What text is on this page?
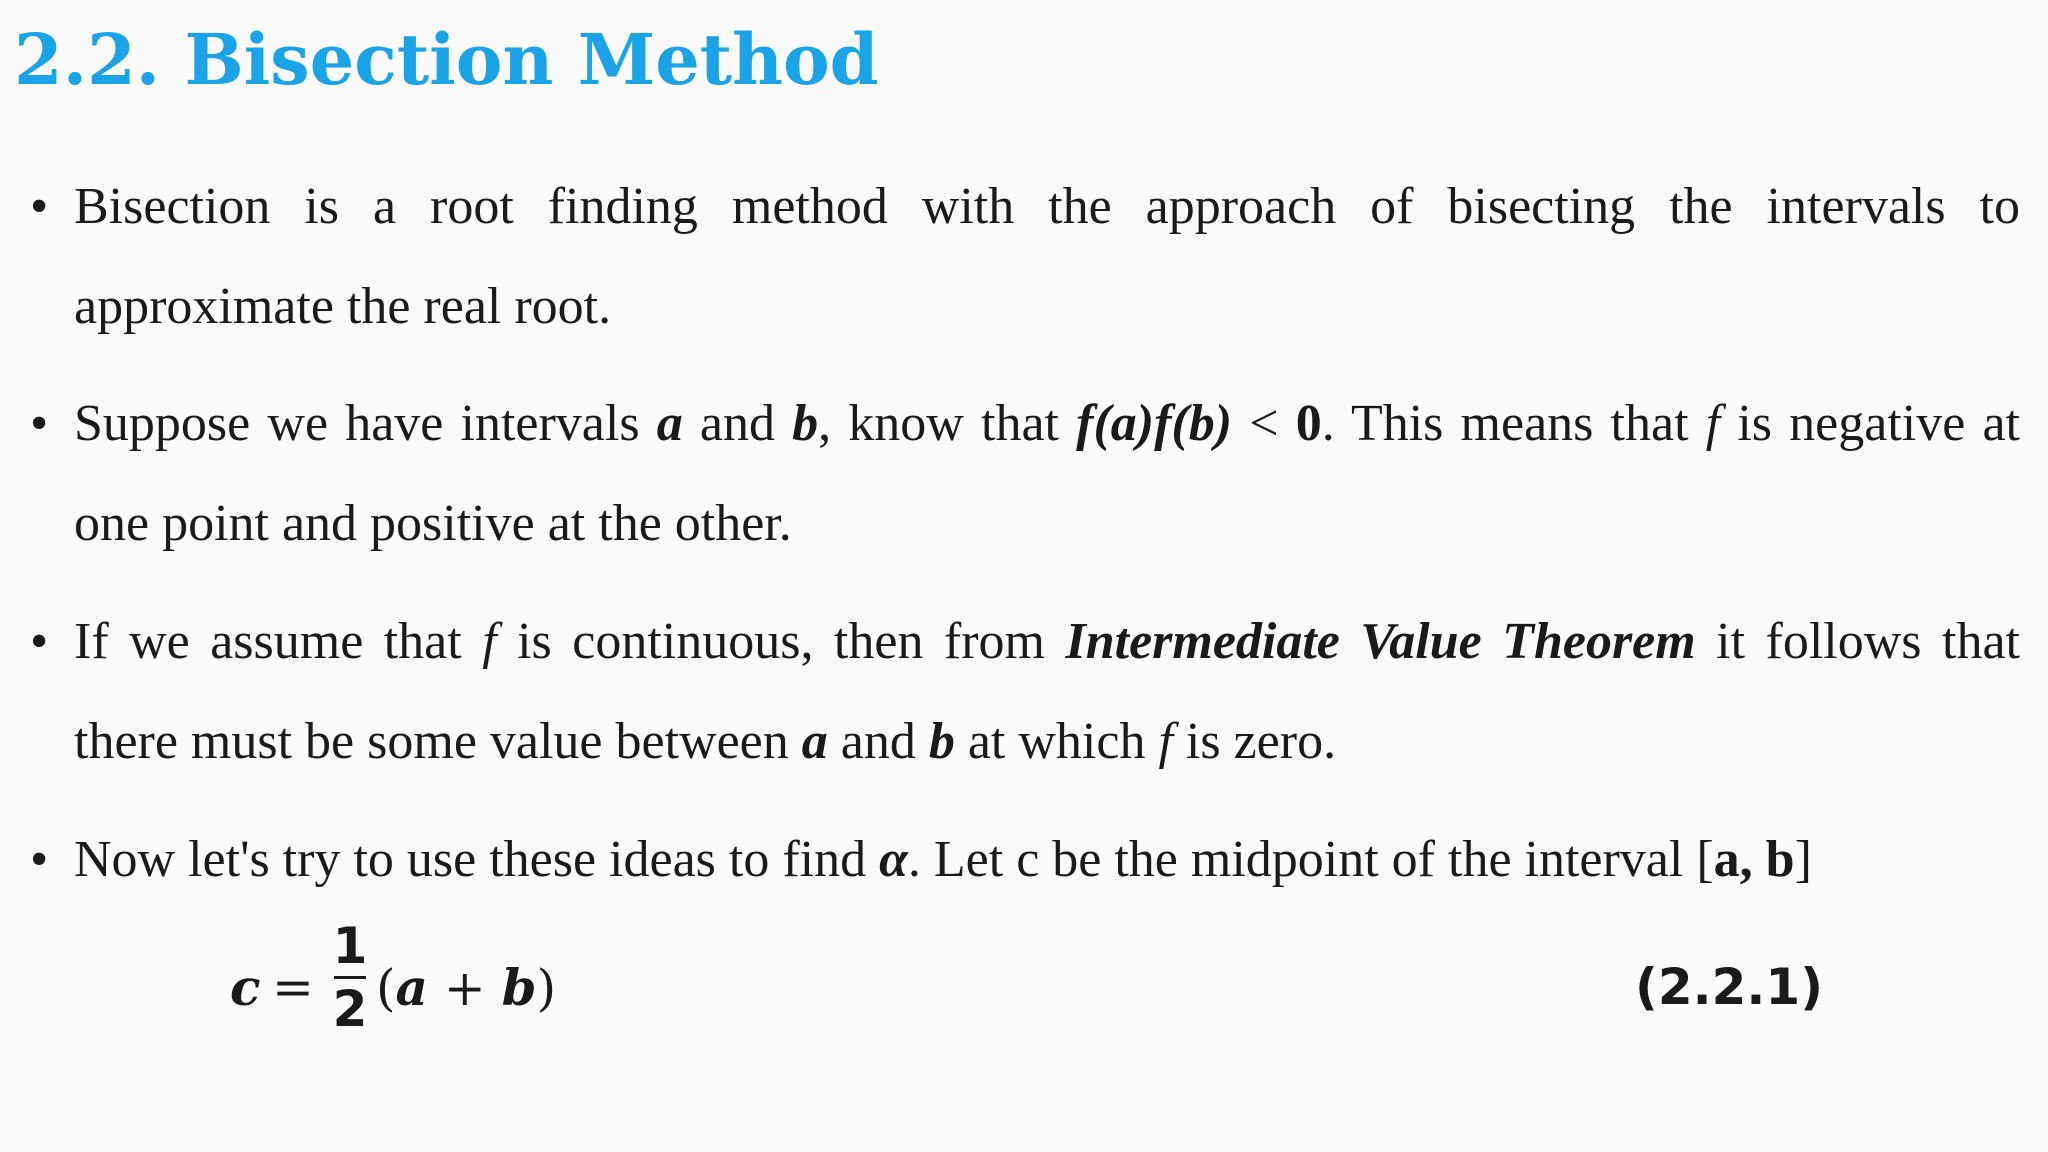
2.2. Bisection Method
• Bisection is a root finding method with the approach of bisecting the intervals to approximate the real root.
• Suppose we have intervals a and b, know that f(a)f(b) < 0. This means that f is negative at one point and positive at the other.
• If we assume that f is continuous, then from Intermediate Value Theorem it follows that there must be some value between a and b at which f is zero.
• Now let's try to use these ideas to find α. Let c be the midpoint of the interval [a, b]
c =
1
2 (a + b)	(2.2.1)
